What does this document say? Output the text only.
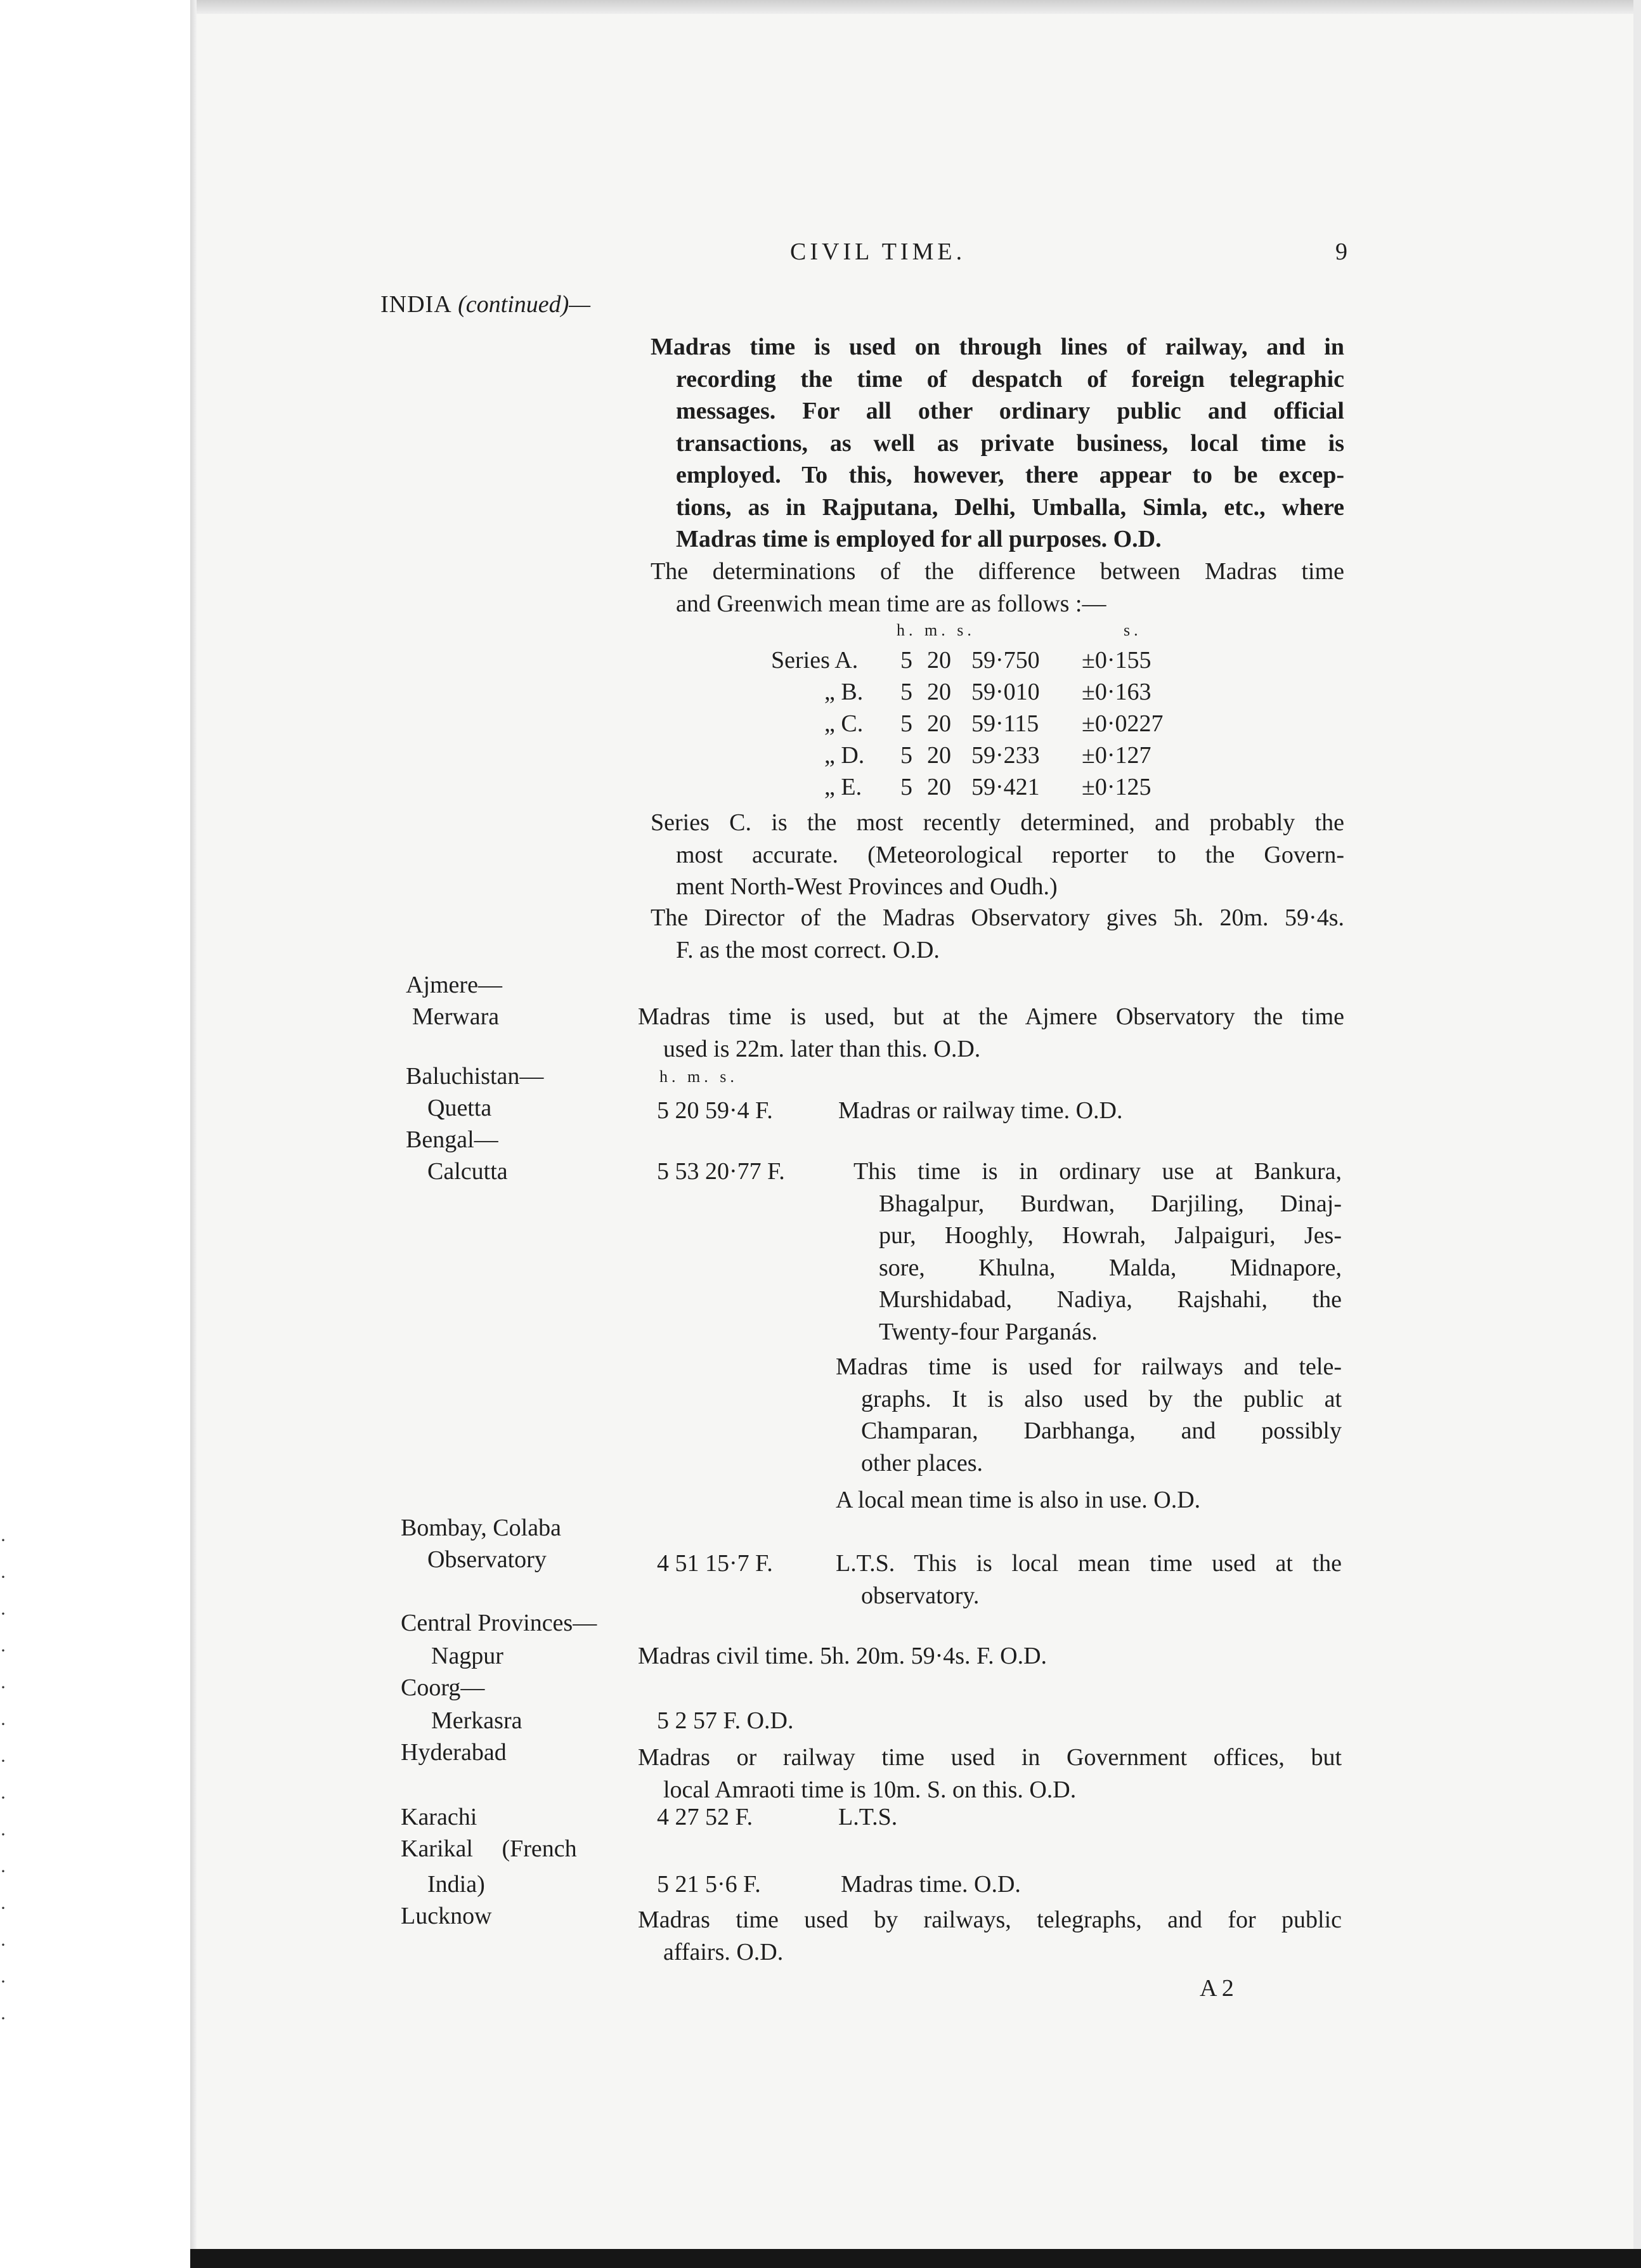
·
·
·
·
·
·
·
·
·
·
·
·
·
·
CIVIL TIME.	9
INDIA (continued)—
Madras time is used on through lines of railway, and in
recording the time of despatch of foreign telegraphic
messages. For all other ordinary public and official
transactions, as well as private business, local time is
employed. To this, however, there appear to be excep-
tions, as in Rajputana, Delhi, Umballa, Simla, etc., where
Madras time is employed for all purposes. O.D.
The determinations of the difference between Madras time
and Greenwich mean time are as follows :—
h. m. s.	s.
Series A. 5 20 59·750 ±0·155
„ B. 5 20 59·010 ±0·163
„ C. 5 20 59·115 ±0·0227
„ D. 5 20 59·233 ±0·127
„ E. 5 20 59·421 ±0·125
Series C. is the most recently determined, and probably the
most accurate. (Meteorological reporter to the Govern-
ment North-West Provinces and Oudh.)
The Director of the Madras Observatory gives 5h. 20m. 59·4s.
F. as the most correct. O.D.
Ajmere—
Merwara	Madras time is used, but at the Ajmere Observatory the time
used is 22m. later than this. O.D.
Baluchistan—	h. m. s.
Quetta	5 20 59·4 F.	Madras or railway time. O.D.
Bengal—
Calcutta	5 53 20·77 F.	This time is in ordinary use at Bankura,
Bhagalpur, Burdwan, Darjiling, Dinaj-
pur, Hooghly, Howrah, Jalpaiguri, Jes-
sore, Khulna, Malda, Midnapore,
Murshidabad, Nadiya, Rajshahi, the
Twenty-four Parganás.
Madras time is used for railways and tele-
graphs. It is also used by the public at
Champaran, Darbhanga, and possibly
other places.
A local mean time is also in use. O.D.
Bombay, Colaba
Observatory	4 51 15·7 F.	L.T.S. This is local mean time used at the
observatory.
Central Provinces—
Nagpur	Madras civil time. 5h. 20m. 59·4s. F. O.D.
Coorg—
Merkasra	5 2 57 F. O.D.
Hyderabad	Madras or railway time used in Government offices, but
local Amraoti time is 10m. S. on this. O.D.
Karachi	4 27 52 F.	L.T.S.
Karikal (French
India)	5 21 5·6 F.	Madras time. O.D.
Lucknow	Madras time used by railways, telegraphs, and for public
affairs. O.D.
A 2
